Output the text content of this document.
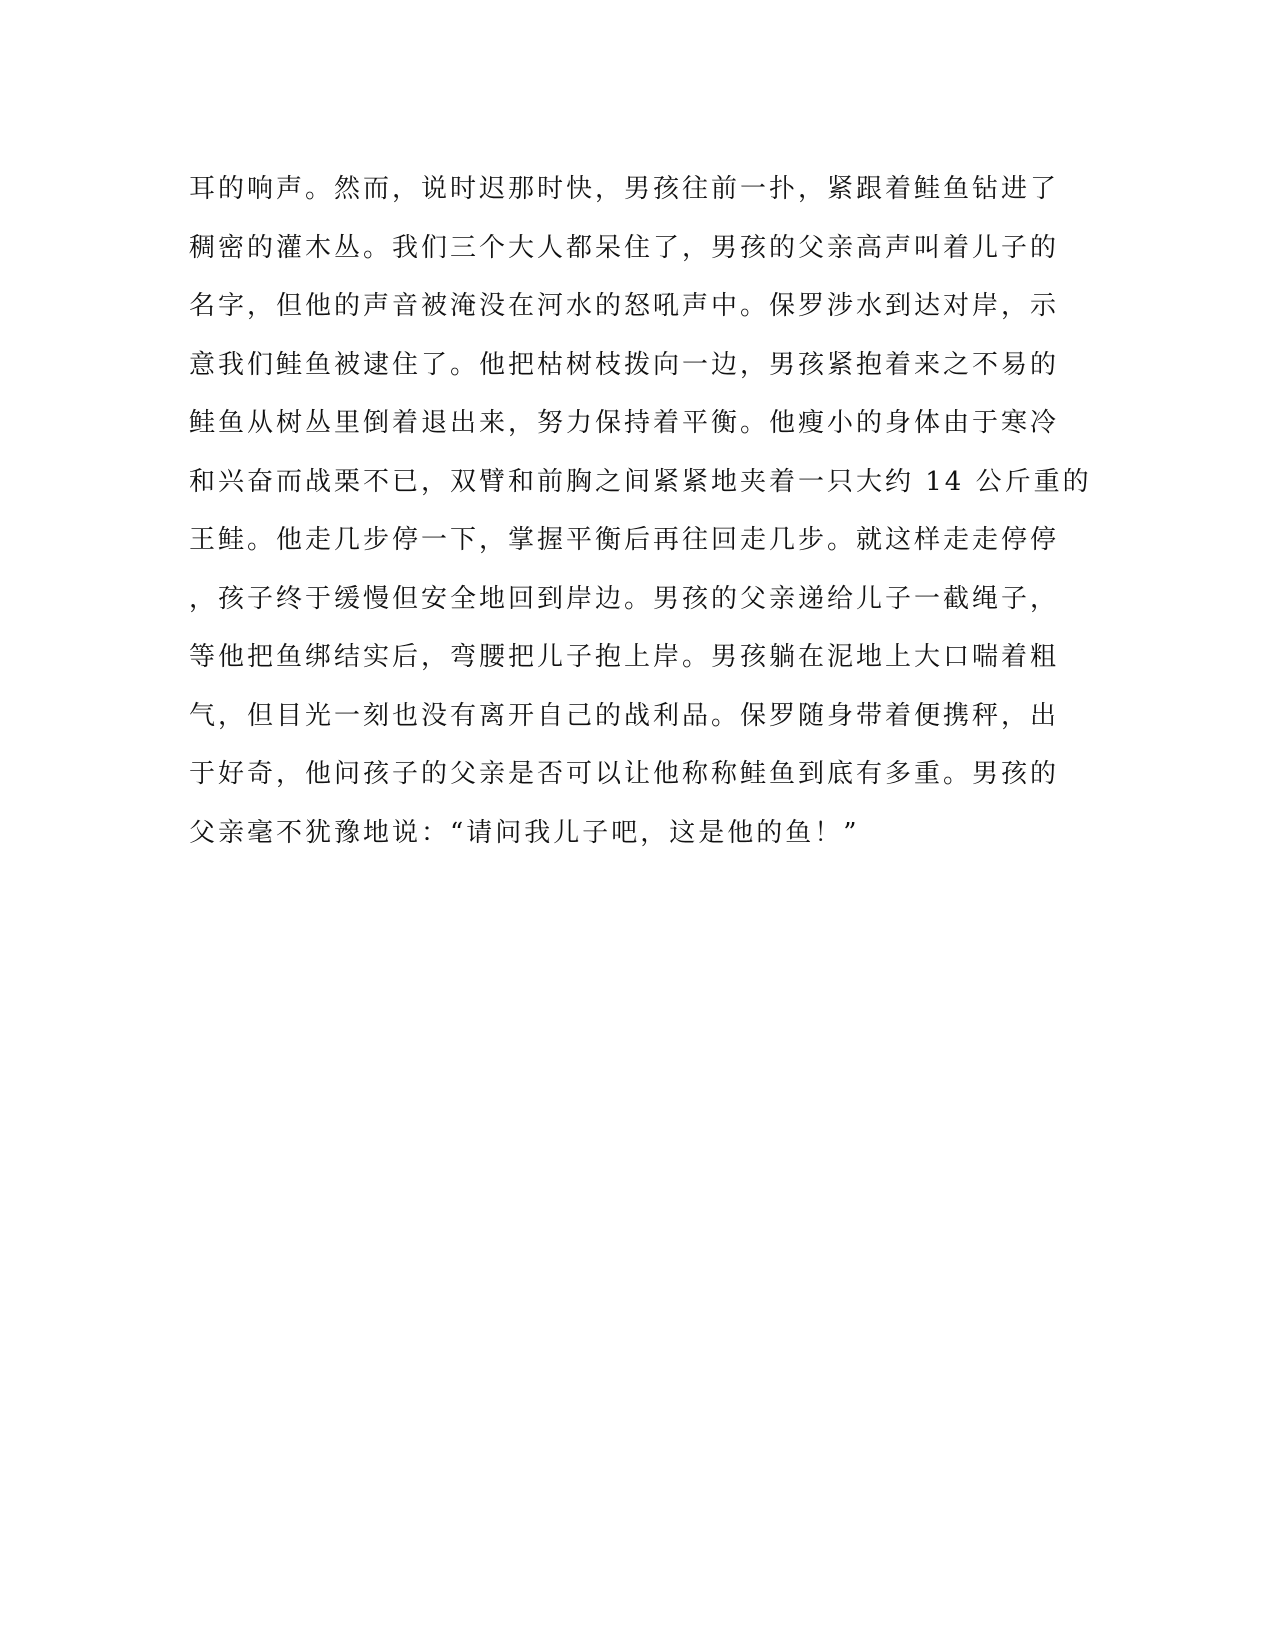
耳的响声。然而，说时迟那时快，男孩往前一扑，紧跟着鲑鱼钻进了
稠密的灌木丛。我们三个大人都呆住了，男孩的父亲高声叫着儿子的
名字，但他的声音被淹没在河水的怒吼声中。保罗涉水到达对岸，示
意我们鲑鱼被逮住了。他把枯树枝拨向一边，男孩紧抱着来之不易的
鲑鱼从树丛里倒着退出来，努力保持着平衡。他瘦小的身体由于寒冷
和兴奋而战栗不已，双臂和前胸之间紧紧地夹着一只大约 14 公斤重的
王鲑。他走几步停一下，掌握平衡后再往回走几步。就这样走走停停
，孩子终于缓慢但安全地回到岸边。男孩的父亲递给儿子一截绳子，
等他把鱼绑结实后，弯腰把儿子抱上岸。男孩躺在泥地上大口喘着粗
气，但目光一刻也没有离开自己的战利品。保罗随身带着便携秤，出
于好奇，他问孩子的父亲是否可以让他称称鲑鱼到底有多重。男孩的
父亲毫不犹豫地说：“请问我儿子吧，这是他的鱼！”
